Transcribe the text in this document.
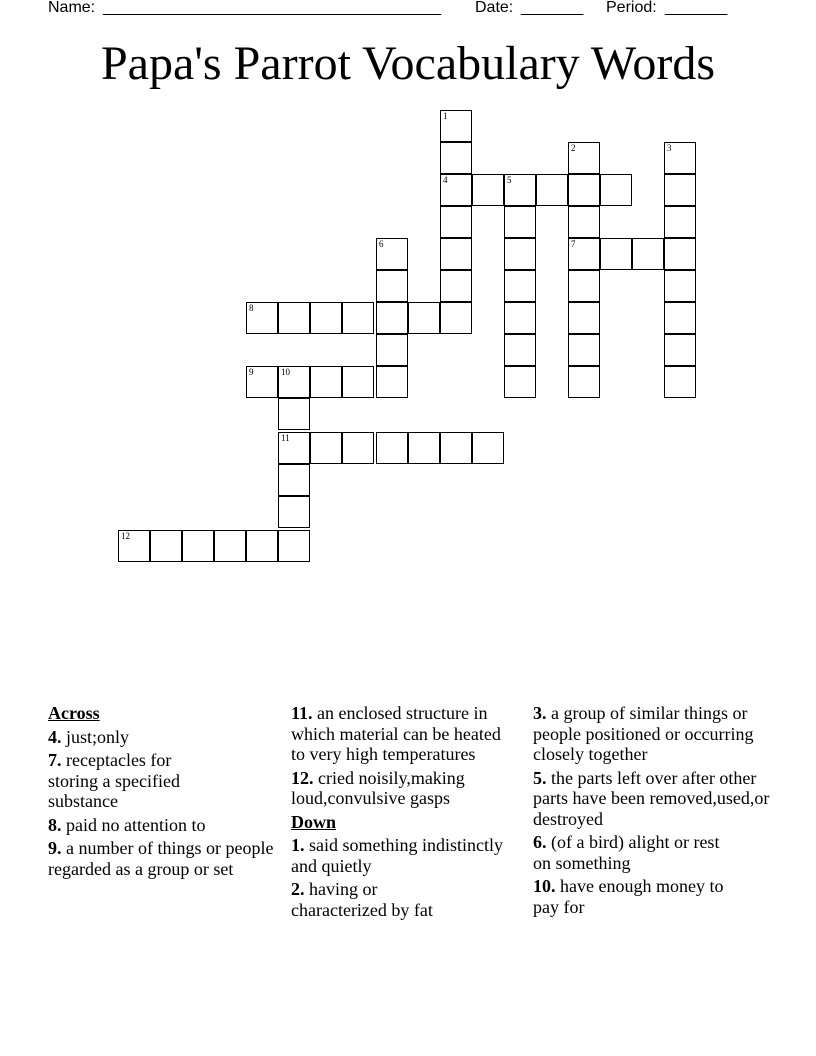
Name: ______________________________________ Date: _______ Period: _______
Papa's Parrot Vocabulary Words
1
4	5
2
7
3
6
8
9	10
11
12
Across
4. just;only
7. receptacles for storing a specified substance
8. paid no attention to
9. a number of things or people regarded as a group or set
11. an enclosed structure in which material can be heated to very high temperatures
12. cried noisily,making loud,convulsive gasps
Down
1. said something indistinctly and quietly
2. having or characterized by fat
3. a group of similar things or people positioned or occurring closely together
5. the parts left over after other parts have been removed,used,or destroyed
6. (of a bird) alight or rest on something
10. have enough money to pay for
